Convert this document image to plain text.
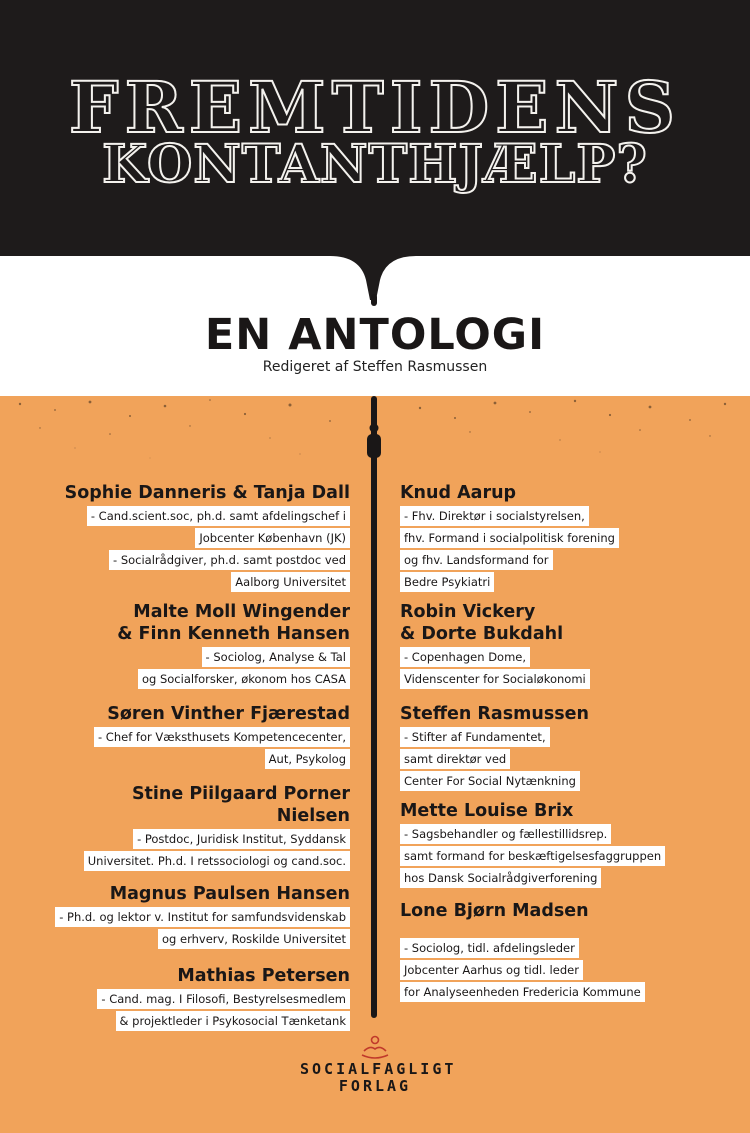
FREMTIDENS
KONTANTHJÆLP?
EN ANTOLOGI
Redigeret af Steffen Rasmussen
Sophie Danneris & Tanja Dall
- Cand.scient.soc, ph.d. samt afdelingschef i
Jobcenter København (JK)
- Socialrådgiver, ph.d. samt postdoc ved
Aalborg Universitet
Malte Moll Wingender
& Finn Kenneth Hansen
- Sociolog, Analyse & Tal
og Socialforsker, økonom hos CASA
Søren Vinther Fjærestad
- Chef for Væksthusets Kompetencecenter,
Aut, Psykolog
Stine Piilgaard Porner
Nielsen
- Postdoc, Juridisk Institut, Syddansk
Universitet. Ph.d. I retssociologi og cand.soc.
Magnus Paulsen Hansen
- Ph.d. og lektor v. Institut for samfundsvidenskab
og erhverv, Roskilde Universitet
Mathias Petersen
- Cand. mag. I Filosofi, Bestyrelsesmedlem
& projektleder i Psykosocial Tænketank
Knud Aarup
- Fhv. Direktør i socialstyrelsen,
fhv. Formand i socialpolitisk forening
og fhv. Landsformand for
Bedre Psykiatri
Robin Vickery
& Dorte Bukdahl
- Copenhagen Dome,
Videnscenter for Socialøkonomi
Steffen Rasmussen
- Stifter af Fundamentet,
samt direktør ved
Center For Social Nytænkning
Mette Louise Brix
- Sagsbehandler og fællestillidsrep.
samt formand for beskæftigelsesfaggruppen
hos Dansk Socialrådgiverforening
Lone Bjørn Madsen
- Sociolog, tidl. afdelingsleder
Jobcenter Aarhus og tidl. leder
for Analyseenheden Fredericia Kommune
SOCIALFAGLIGT
FORLAG
